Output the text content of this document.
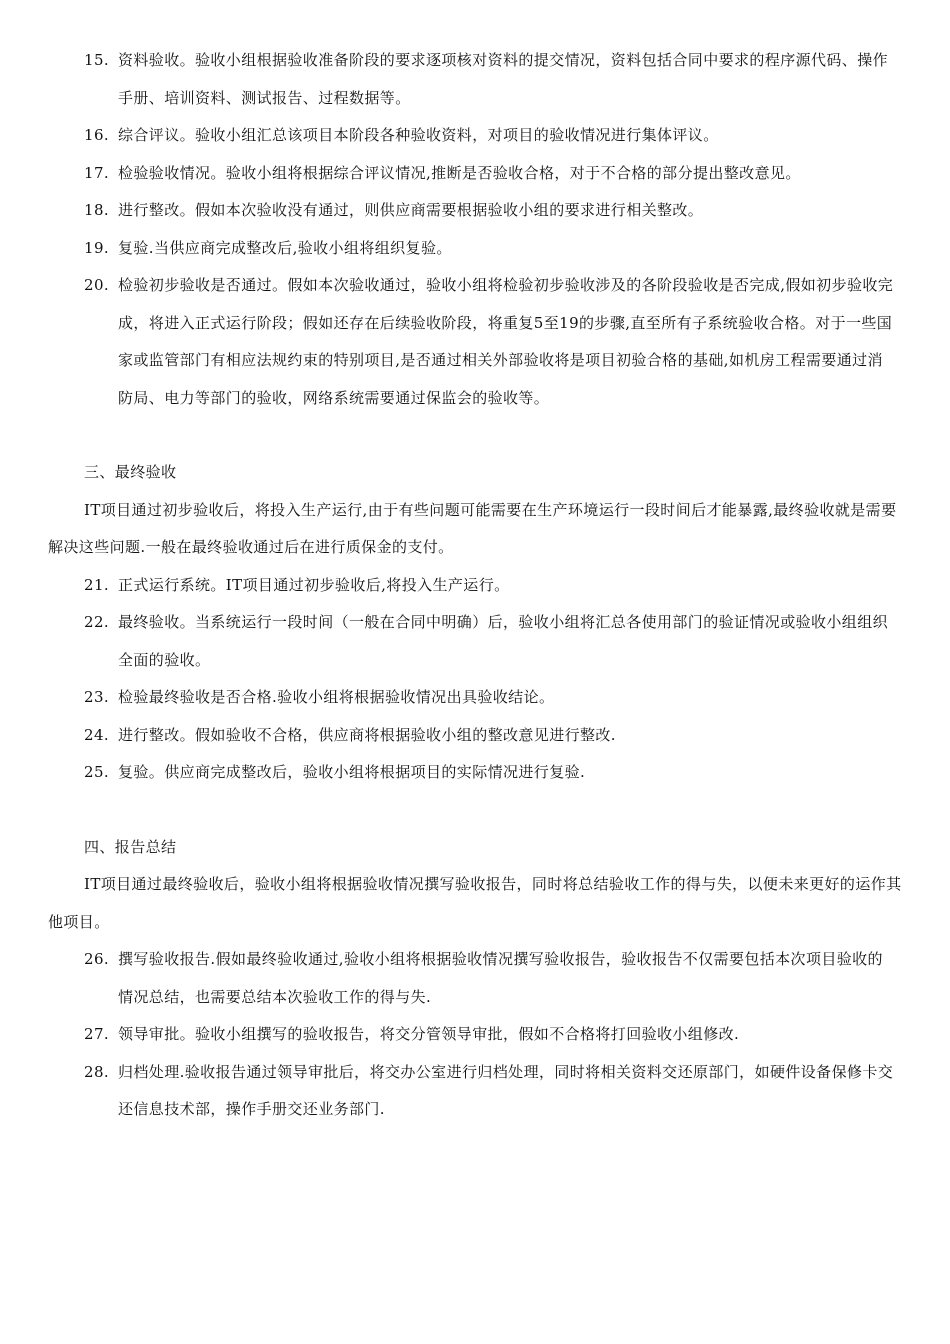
15. 资料验收。验收小组根据验收准备阶段的要求逐项核对资料的提交情况，资料包括合同中要求的程序源代码、操作手册、培训资料、测试报告、过程数据等。
16. 综合评议。验收小组汇总该项目本阶段各种验收资料，对项目的验收情况进行集体评议。
17. 检验验收情况。验收小组将根据综合评议情况,推断是否验收合格，对于不合格的部分提出整改意见。
18. 进行整改。假如本次验收没有通过，则供应商需要根据验收小组的要求进行相关整改。
19. 复验.当供应商完成整改后,验收小组将组织复验。
20. 检验初步验收是否通过。假如本次验收通过，验收小组将检验初步验收涉及的各阶段验收是否完成,假如初步验收完成，将进入正式运行阶段；假如还存在后续验收阶段，将重复5至19的步骤,直至所有子系统验收合格。对于一些国家或监管部门有相应法规约束的特别项目,是否通过相关外部验收将是项目初验合格的基础,如机房工程需要通过消防局、电力等部门的验收，网络系统需要通过保监会的验收等。
三、最终验收
IT项目通过初步验收后，将投入生产运行,由于有些问题可能需要在生产环境运行一段时间后才能暴露,最终验收就是需要解决这些问题.一般在最终验收通过后在进行质保金的支付。
21. 正式运行系统。IT项目通过初步验收后,将投入生产运行。
22. 最终验收。当系统运行一段时间（一般在合同中明确）后，验收小组将汇总各使用部门的验证情况或验收小组组织全面的验收。
23. 检验最终验收是否合格.验收小组将根据验收情况出具验收结论。
24. 进行整改。假如验收不合格，供应商将根据验收小组的整改意见进行整改.
25. 复验。供应商完成整改后，验收小组将根据项目的实际情况进行复验.
四、报告总结
IT项目通过最终验收后，验收小组将根据验收情况撰写验收报告，同时将总结验收工作的得与失，以便未来更好的运作其他项目。
26. 撰写验收报告.假如最终验收通过,验收小组将根据验收情况撰写验收报告，验收报告不仅需要包括本次项目验收的情况总结，也需要总结本次验收工作的得与失.
27. 领导审批。验收小组撰写的验收报告，将交分管领导审批，假如不合格将打回验收小组修改.
28. 归档处理.验收报告通过领导审批后，将交办公室进行归档处理，同时将相关资料交还原部门，如硬件设备保修卡交还信息技术部，操作手册交还业务部门.
